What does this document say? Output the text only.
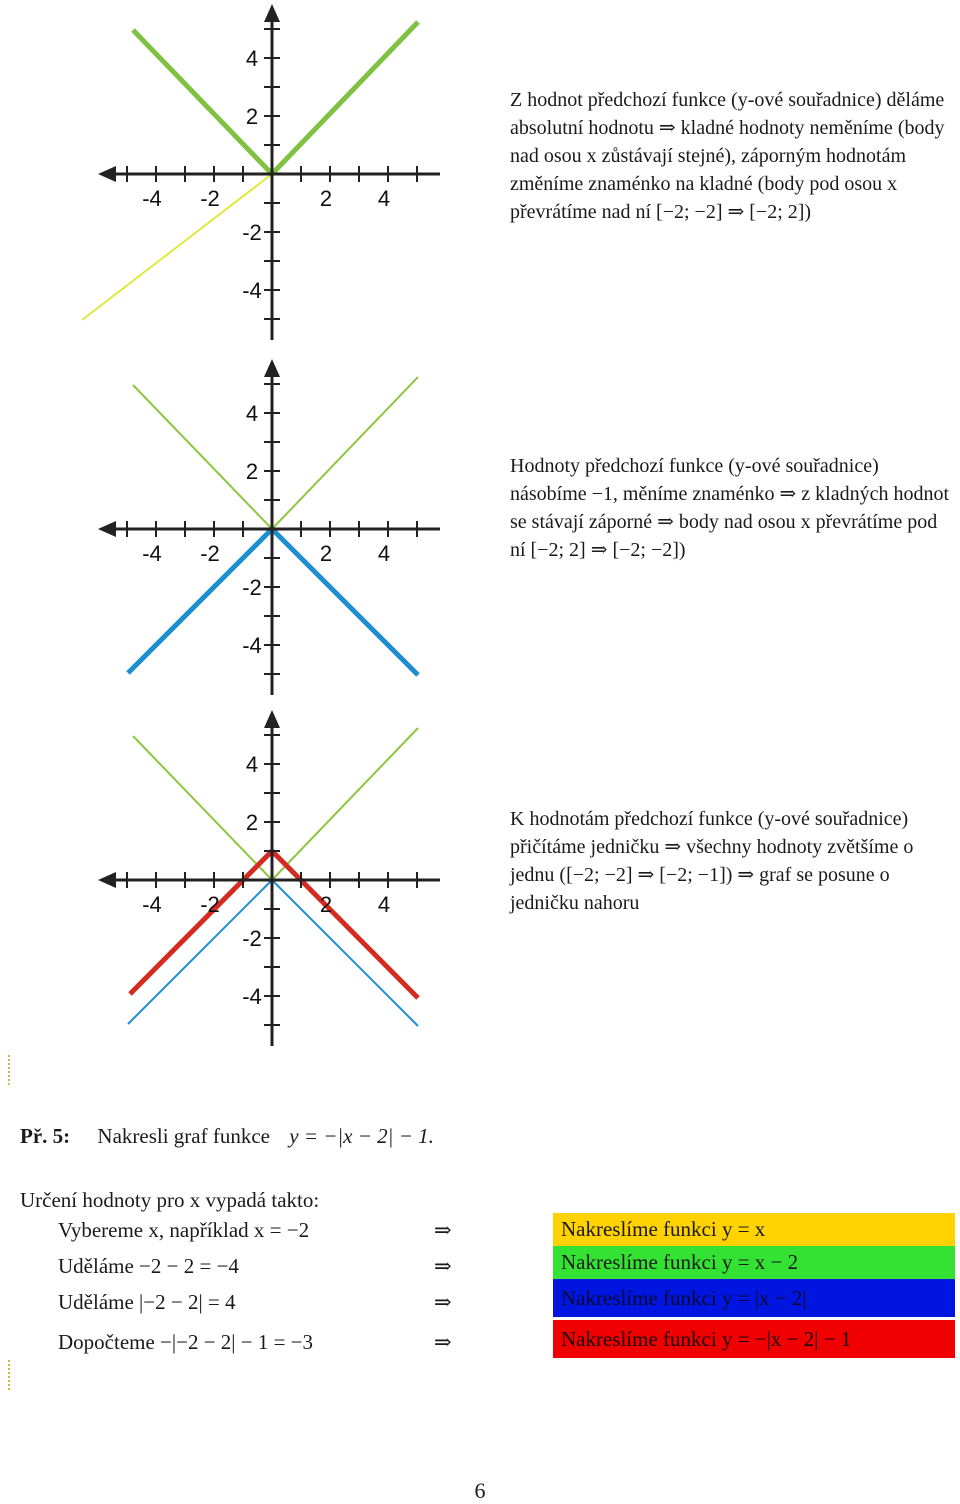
-4 -2	2 4
4
2
-2
-4
-4 -2	2 4
4
2
-2
-4
-4 -2	2 4
4
2
-2
-4

Z hodnot předchozí funkce (y-ové souřadnice) děláme absolutní hodnotu ⇒ kladné hodnoty neměníme (body nad osou x zůstávají stejné), záporným hodnotám změníme znaménko na kladné (body pod osou x převrátíme nad ní [−2; −2] ⇒ [−2; 2])

Hodnoty předchozí funkce (y-ové souřadnice) násobíme −1, měníme znaménko ⇒ z kladných hodnot se stávají záporné ⇒ body nad osou x převrátíme pod ní [−2; 2] ⇒ [−2; −2])

K hodnotám předchozí funkce (y-ové souřadnice) přičítáme jedničku ⇒ všechny hodnoty zvětšíme o jednu ([−2; −2] ⇒ [−2; −1]) ⇒ graf se posune o jedničku nahoru

Př. 5: Nakresli graf funkce y = −|x − 2| − 1.
Určení hodnoty pro x vypadá takto:
Vybereme x, například x = −2	⇒
Uděláme −2 − 2 = −4	⇒
Uděláme |−2 − 2| = 4	⇒
Dopočteme −|−2 − 2| − 1 = −3	⇒
Nakreslíme funkci y = x
Nakreslíme funkci y = x − 2
Nakreslíme funkci y = |x − 2|
Nakreslíme funkci y = −|x − 2| − 1
6
